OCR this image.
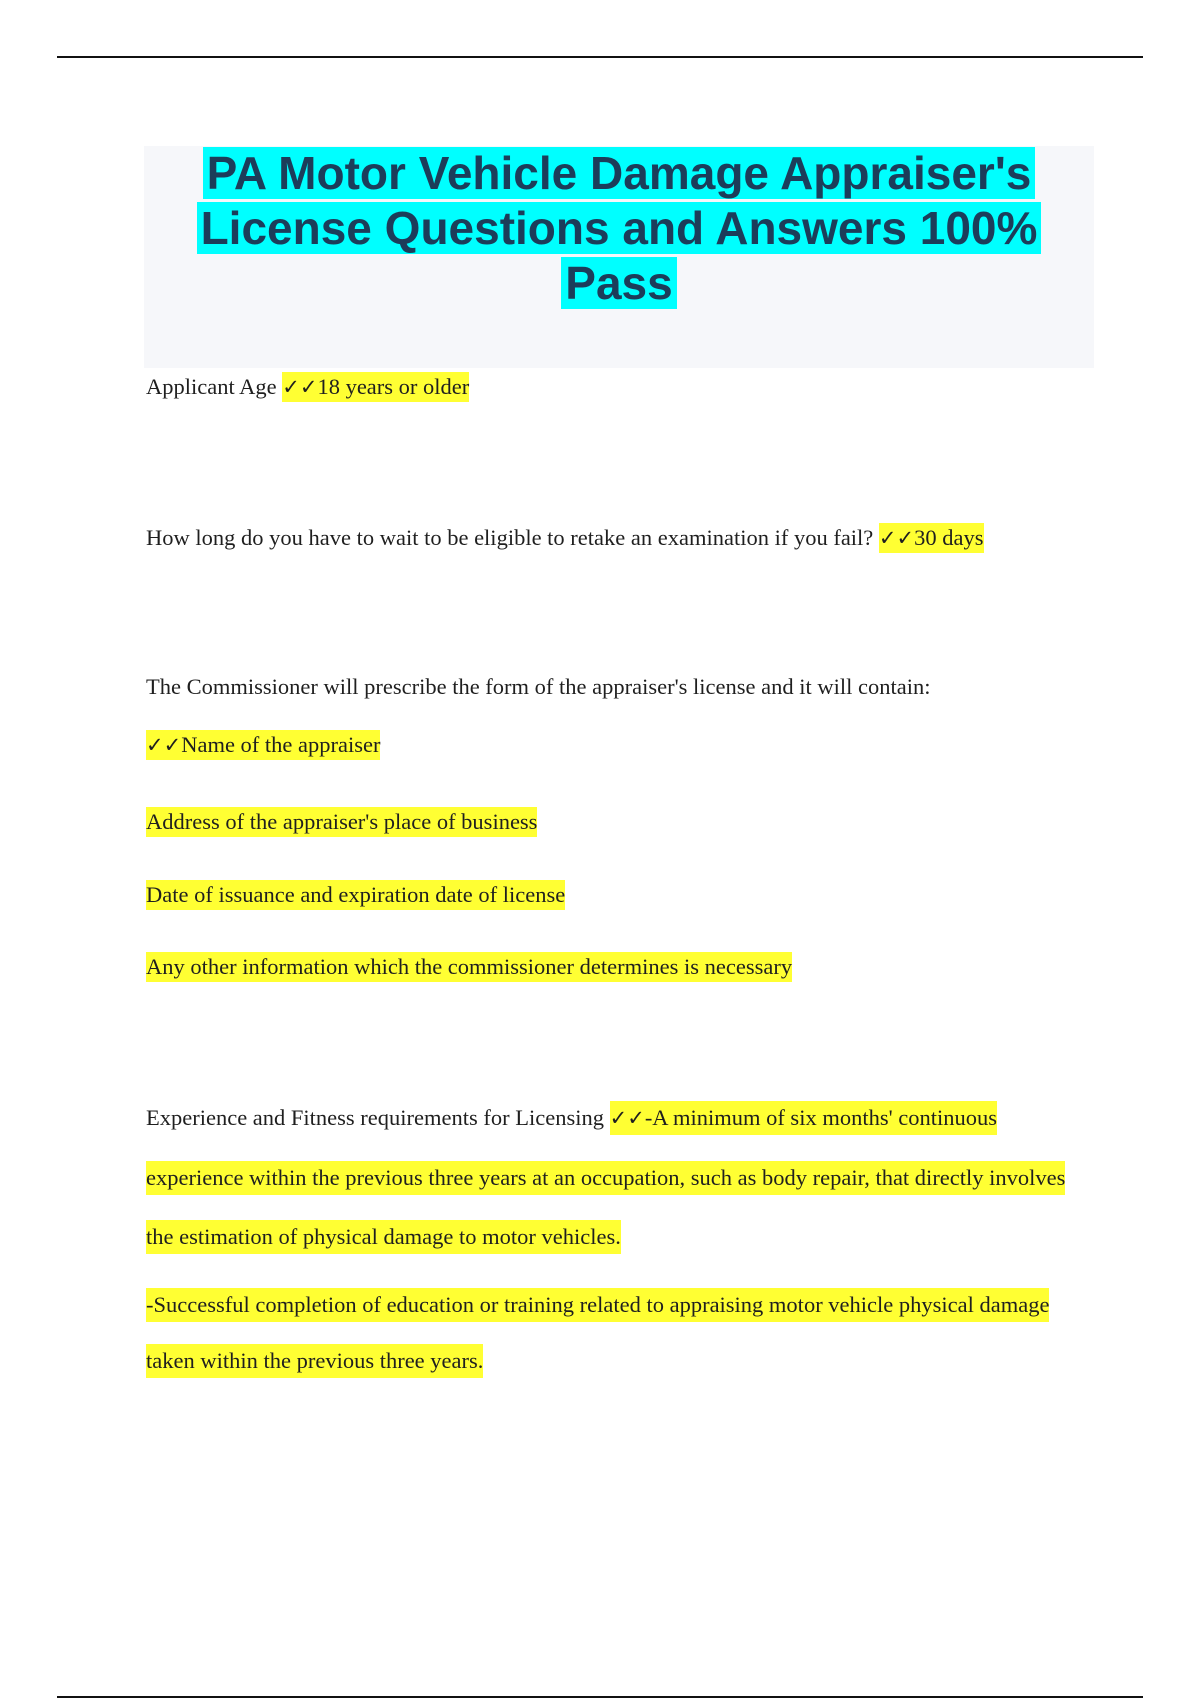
PA Motor Vehicle Damage Appraiser's License Questions and Answers 100% Pass

Applicant Age ✓✓18 years or older

How long do you have to wait to be eligible to retake an examination if you fail? ✓✓30 days

The Commissioner will prescribe the form of the appraiser's license and it will contain:

✓✓Name of the appraiser

Address of the appraiser's place of business

Date of issuance and expiration date of license

Any other information which the commissioner determines is necessary

Experience and Fitness requirements for Licensing ✓✓-A minimum of six months' continuous experience within the previous three years at an occupation, such as body repair, that directly involves the estimation of physical damage to motor vehicles.

-Successful completion of education or training related to appraising motor vehicle physical damage taken within the previous three years.
